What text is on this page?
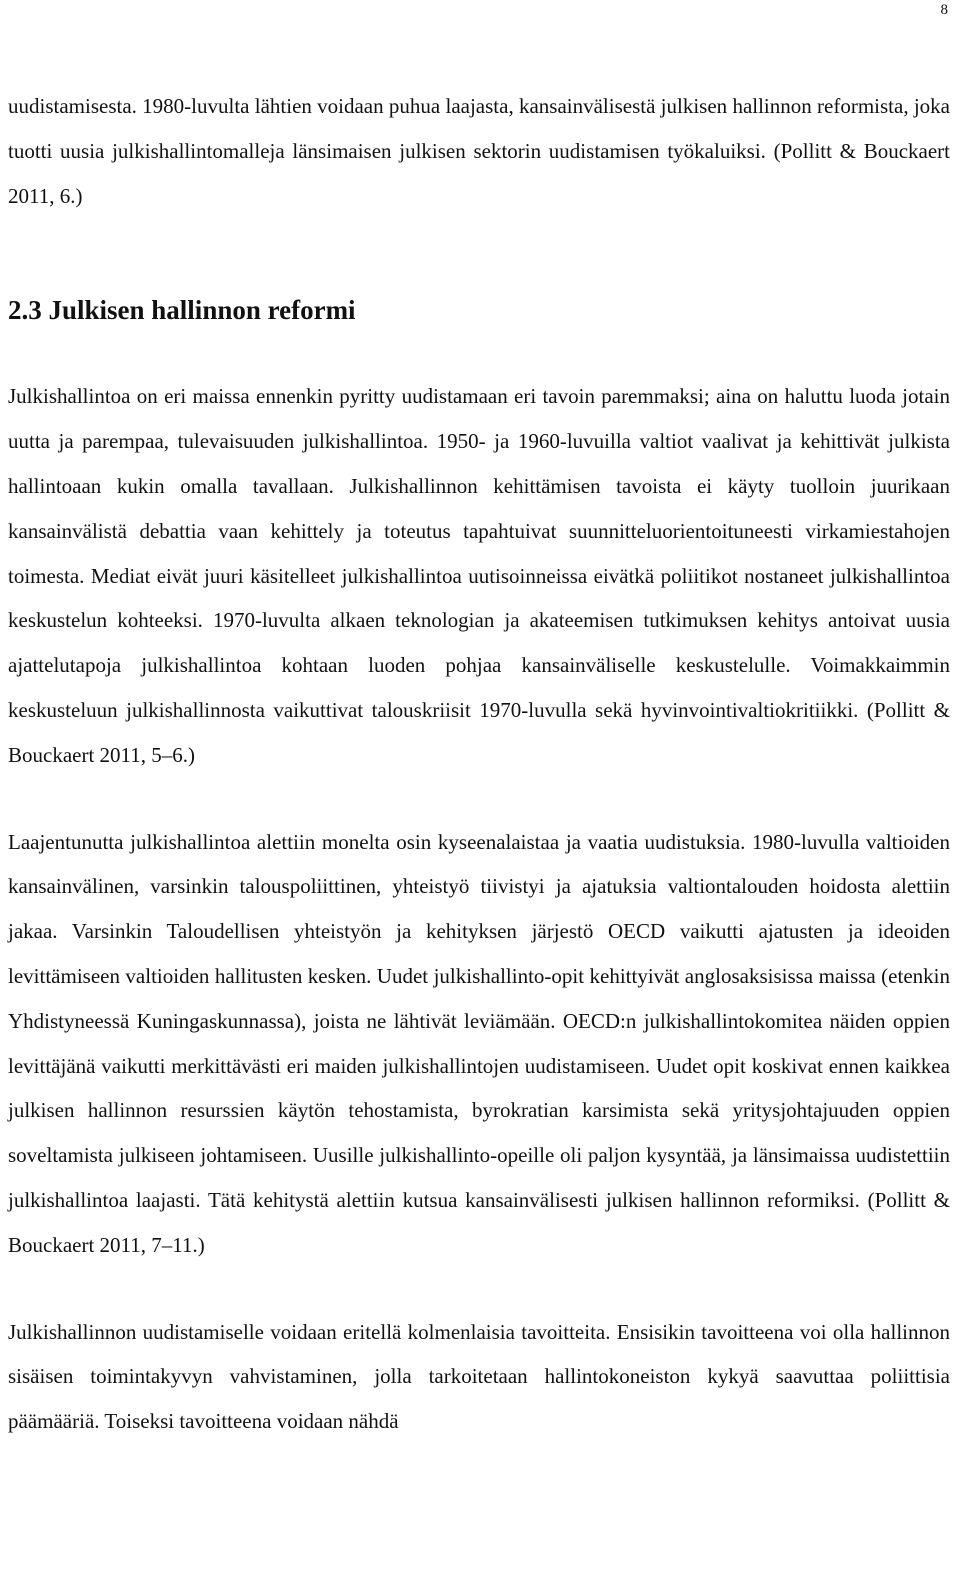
8

uudistamisesta. 1980-luvulta lähtien voidaan puhua laajasta, kansainvälisestä julkisen hallinnon reformista, joka tuotti uusia julkishallintomalleja länsimaisen julkisen sektorin uudistamisen työkaluiksi. (Pollitt & Bouckaert 2011, 6.)

2.3 Julkisen hallinnon reformi

Julkishallintoa on eri maissa ennenkin pyritty uudistamaan eri tavoin paremmaksi; aina on haluttu luoda jotain uutta ja parempaa, tulevaisuuden julkishallintoa. 1950- ja 1960-luvuilla valtiot vaalivat ja kehittivät julkista hallintoaan kukin omalla tavallaan. Julkishallinnon kehittämisen tavoista ei käyty tuolloin juurikaan kansainvälistä debattia vaan kehittely ja toteutus tapahtuivat suunnitteluorientoituneesti virkamiestahojen toimesta. Mediat eivät juuri käsitelleet julkishallintoa uutisoinneissa eivätkä poliitikot nostaneet julkishallintoa keskustelun kohteeksi. 1970-luvulta alkaen teknologian ja akateemisen tutkimuksen kehitys antoivat uusia ajattelutapoja julkishallintoa kohtaan luoden pohjaa kansainväliselle keskustelulle. Voimakkaimmin keskusteluun julkishallinnosta vaikuttivat talouskriisit 1970-luvulla sekä hyvinvointivaltiokritiikki. (Pollitt & Bouckaert 2011, 5–6.)

Laajentunutta julkishallintoa alettiin monelta osin kyseenalaistaa ja vaatia uudistuksia. 1980-luvulla valtioiden kansainvälinen, varsinkin talouspoliittinen, yhteistyö tiivistyi ja ajatuksia valtiontalouden hoidosta alettiin jakaa. Varsinkin Taloudellisen yhteistyön ja kehityksen järjestö OECD vaikutti ajatusten ja ideoiden levittämiseen valtioiden hallitusten kesken. Uudet julkishallinto-opit kehittyivät anglosaksisissa maissa (etenkin Yhdistyneessä Kuningaskunnassa), joista ne lähtivät leviämään. OECD:n julkishallintokomitea näiden oppien levittäjänä vaikutti merkittävästi eri maiden julkishallintojen uudistamiseen. Uudet opit koskivat ennen kaikkea julkisen hallinnon resurssien käytön tehostamista, byrokratian karsimista sekä yritysjohtajuuden oppien soveltamista julkiseen johtamiseen. Uusille julkishallinto-opeille oli paljon kysyntää, ja länsimaissa uudistettiin julkishallintoa laajasti. Tätä kehitystä alettiin kutsua kansainvälisesti julkisen hallinnon reformiksi. (Pollitt & Bouckaert 2011, 7–11.)

Julkishallinnon uudistamiselle voidaan eritellä kolmenlaisia tavoitteita. Ensisikin tavoitteena voi olla hallinnon sisäisen toimintakyvyn vahvistaminen, jolla tarkoitetaan hallintokoneiston kykyä saavuttaa poliittisia päämääriä. Toiseksi tavoitteena voidaan nähdä
